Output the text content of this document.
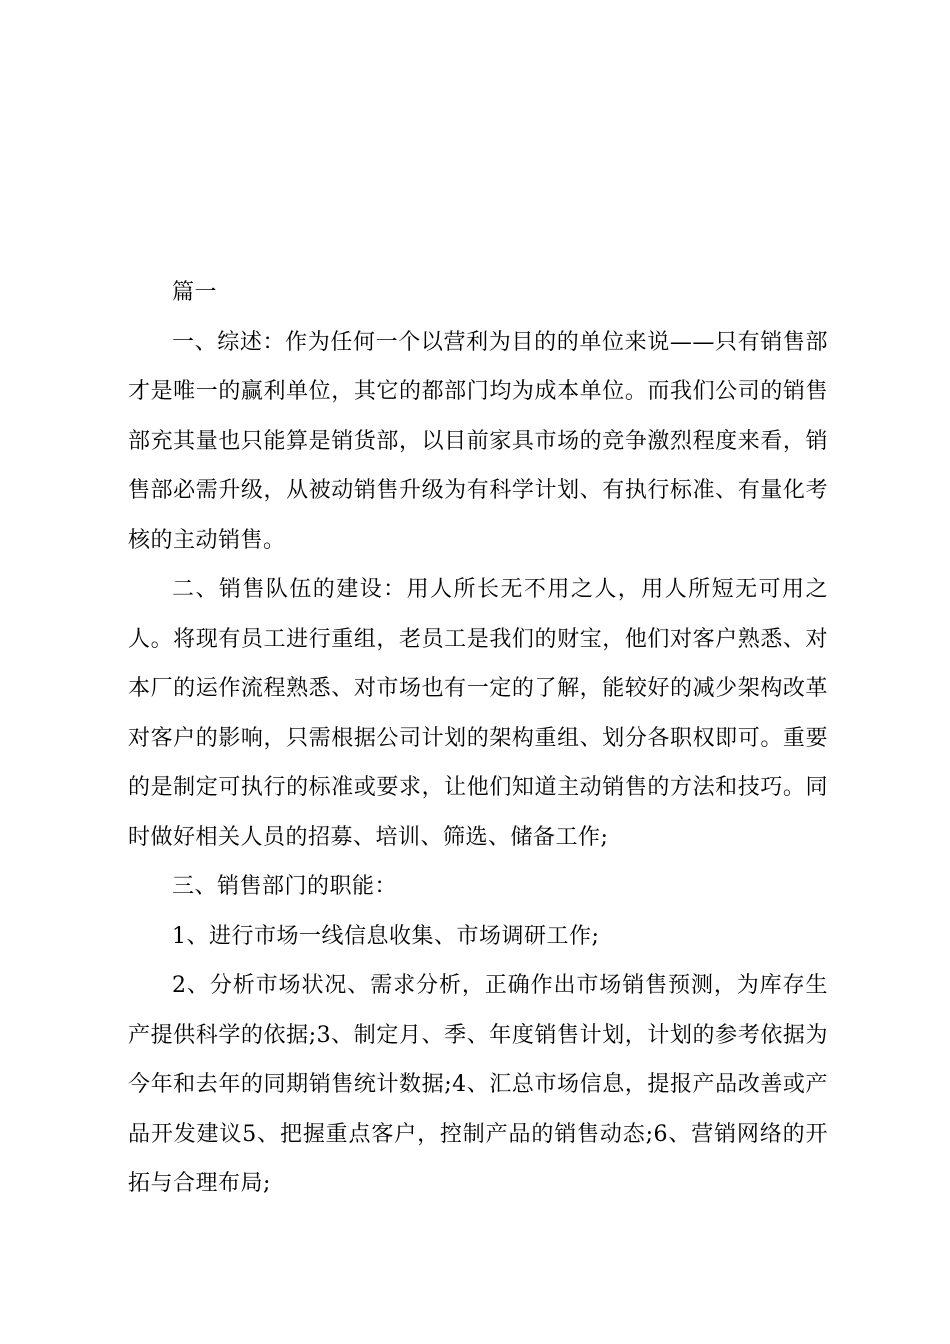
篇一

一、综述：作为任何一个以营利为目的的单位来说——只有销售部才是唯一的赢利单位，其它的都部门均为成本单位。而我们公司的销售部充其量也只能算是销货部，以目前家具市场的竞争激烈程度来看，销售部必需升级，从被动销售升级为有科学计划、有执行标准、有量化考核的主动销售。

二、销售队伍的建设：用人所长无不用之人，用人所短无可用之人。将现有员工进行重组，老员工是我们的财宝，他们对客户熟悉、对本厂的运作流程熟悉、对市场也有一定的了解，能较好的减少架构改革对客户的影响，只需根据公司计划的架构重组、划分各职权即可。重要的是制定可执行的标准或要求，让他们知道主动销售的方法和技巧。同时做好相关人员的招募、培训、筛选、储备工作;

三、销售部门的职能：

1、进行市场一线信息收集、市场调研工作;

2、分析市场状况、需求分析，正确作出市场销售预测，为库存生产提供科学的依据;3、制定月、季、年度销售计划，计划的参考依据为今年和去年的同期销售统计数据;4、汇总市场信息，提报产品改善或产品开发建议5、把握重点客户，控制产品的销售动态;6、营销网络的开拓与合理布局;
